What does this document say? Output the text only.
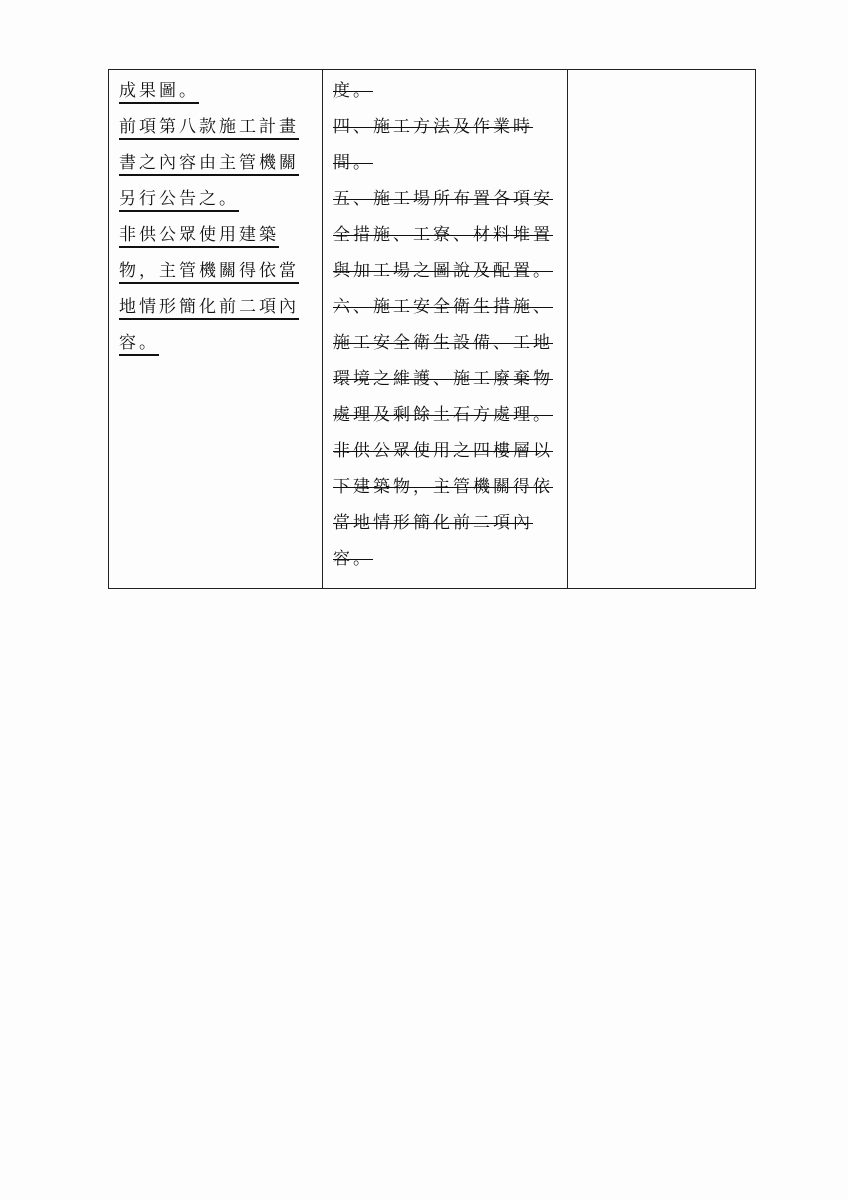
成果圖。
前項第八款施工計畫
書之內容由主管機關
另行公告之。
非供公眾使用建築
物，主管機關得依當
地情形簡化前二項內
容。

度。
四、施工方法及作業時
間。
五、施工場所布置各項安
全措施、工寮、材料堆置
與加工場之圖說及配置。
六、施工安全衛生措施、
施工安全衛生設備、工地
環境之維護、施工廢棄物
處理及剩餘土石方處理。
非供公眾使用之四樓層以
下建築物，主管機關得依
當地情形簡化前二項內
容。
